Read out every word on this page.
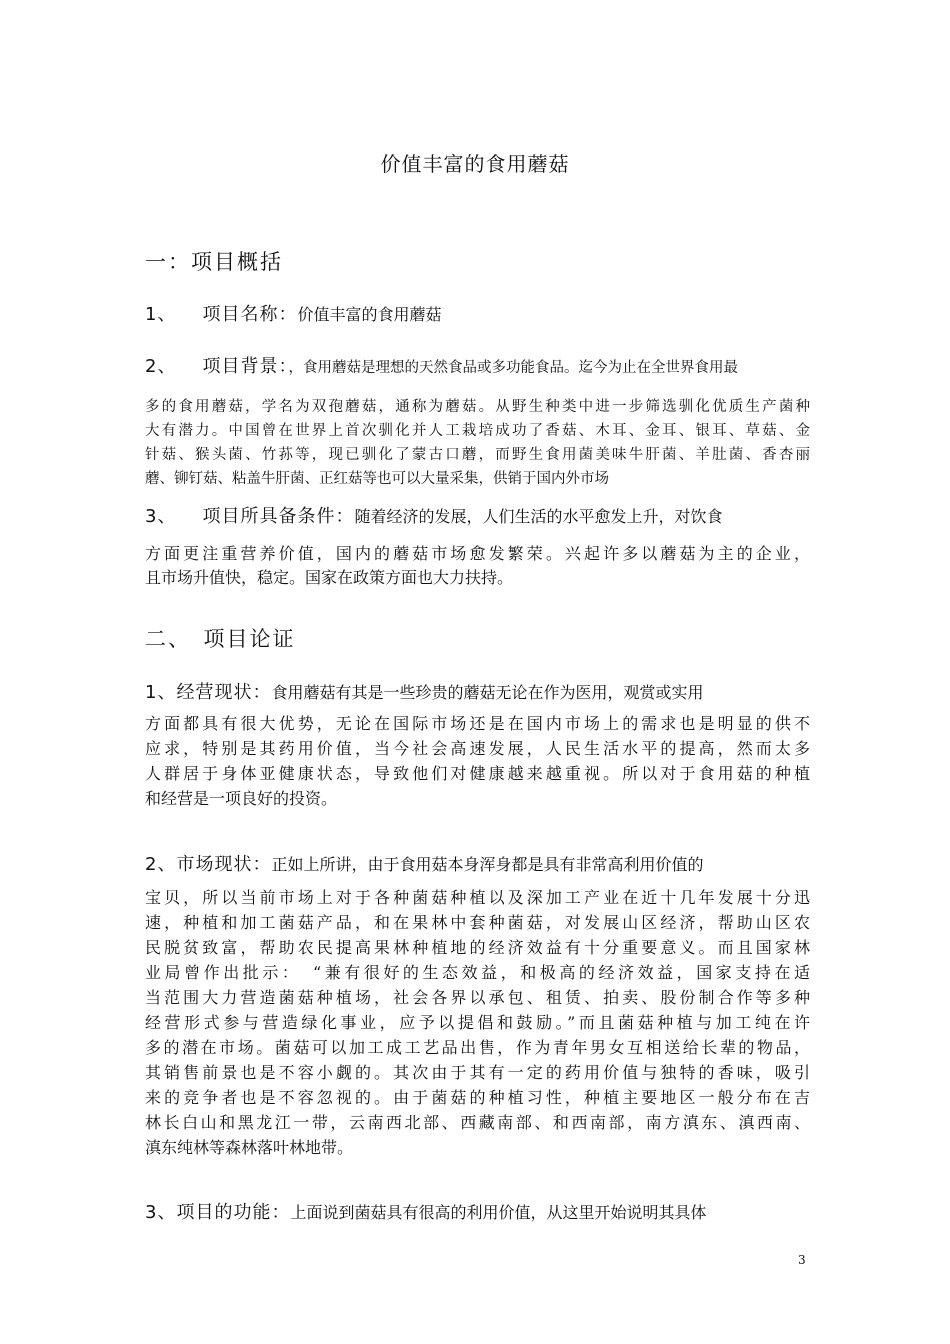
价值丰富的食用蘑菇
一：项目概括
1、 项目名称：价值丰富的食用蘑菇
2、 项目背景：，食用蘑菇是理想的天然食品或多功能食品。迄今为止在全世界食用最
多的食用蘑菇，学名为双孢蘑菇，通称为蘑菇。从野生种类中进一步筛选驯化优质生产菌种
大有潜力。中国曾在世界上首次驯化并人工栽培成功了香菇、木耳、金耳、银耳、草菇、金
针菇、猴头菌、竹荪等，现已驯化了蒙古口蘑，而野生食用菌美味牛肝菌、羊肚菌、香杏丽
蘑、铆钉菇、粘盖牛肝菌、正红菇等也可以大量采集，供销于国内外市场
3、 项目所具备条件：随着经济的发展，人们生活的水平愈发上升，对饮食
方面更注重营养价值，国内的蘑菇市场愈发繁荣。兴起许多以蘑菇为主的企业，
且市场升值快，稳定。国家在政策方面也大力扶持。
二、　项目论证
1、经营现状：食用蘑菇有其是一些珍贵的蘑菇无论在作为医用，观赏或实用
方面都具有很大优势，无论在国际市场还是在国内市场上的需求也是明显的供不
应求，特别是其药用价值，当今社会高速发展，人民生活水平的提高，然而太多
人群居于身体亚健康状态，导致他们对健康越来越重视。所以对于食用菇的种植
和经营是一项良好的投资。
2、市场现状：正如上所讲，由于食用菇本身浑身都是具有非常高利用价值的
宝贝，所以当前市场上对于各种菌菇种植以及深加工产业在近十几年发展十分迅
速，种植和加工菌菇产品，和在果林中套种菌菇，对发展山区经济，帮助山区农
民脱贫致富，帮助农民提高果林种植地的经济效益有十分重要意义。而且国家林
业局曾作出批示：　“兼有很好的生态效益，和极高的经济效益，国家支持在适
当范围大力营造菌菇种植场，社会各界以承包、租赁、拍卖、股份制合作等多种
经营形式参与营造绿化事业，应予以提倡和鼓励。”而且菌菇种植与加工纯在许
多的潜在市场。菌菇可以加工成工艺品出售，作为青年男女互相送给长辈的物品，
其销售前景也是不容小觑的。其次由于其有一定的药用价值与独特的香味，吸引
来的竞争者也是不容忽视的。由于菌菇的种植习性，种植主要地区一般分布在吉
林长白山和黑龙江一带，云南西北部、西藏南部、和西南部，南方滇东、滇西南、
滇东纯林等森林落叶林地带。
3、项目的功能：上面说到菌菇具有很高的利用价值，从这里开始说明其具体
3
